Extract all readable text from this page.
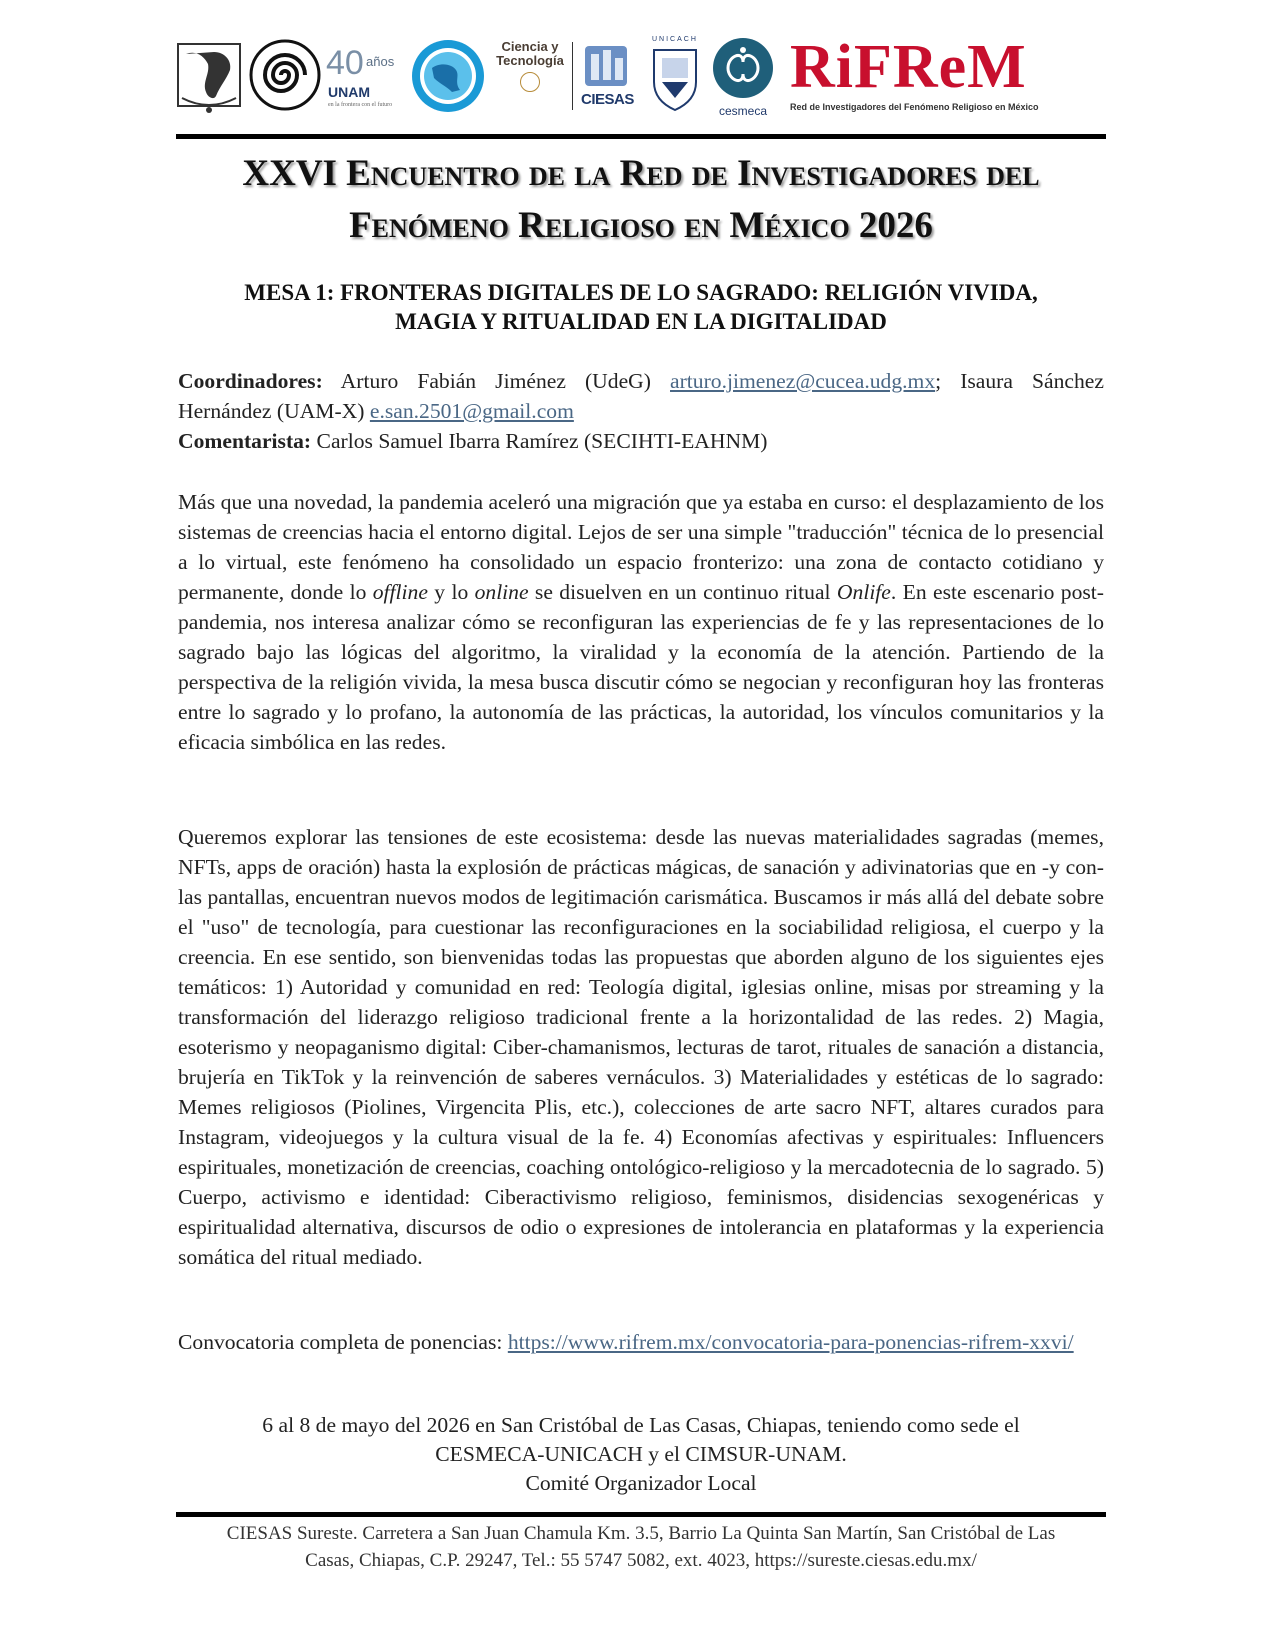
40 años
UNAM
en la frontera con el futuro
Ciencia y Tecnología
CIESAS
UNICACH
cesmeca
RiFReM
Red de Investigadores del Fenómeno Religioso en México
XXVI Encuentro de la Red de Investigadores del
Fenómeno Religioso en México 2026
MESA 1: FRONTERAS DIGITALES DE LO SAGRADO: RELIGIÓN VIVIDA,
MAGIA Y RITUALIDAD EN LA DIGITALIDAD
Coordinadores: Arturo Fabián Jiménez (UdeG) arturo.jimenez@cucea.udg.mx; Isaura Sánchez Hernández (UAM-X) e.san.2501@gmail.com
Comentarista: Carlos Samuel Ibarra Ramírez (SECIHTI-EAHNM)
Más que una novedad, la pandemia aceleró una migración que ya estaba en curso: el desplazamiento de los sistemas de creencias hacia el entorno digital. Lejos de ser una simple "traducción" técnica de lo presencial a lo virtual, este fenómeno ha consolidado un espacio fronterizo: una zona de contacto cotidiano y permanente, donde lo offline y lo online se disuelven en un continuo ritual Onlife. En este escenario post-pandemia, nos interesa analizar cómo se reconfiguran las experiencias de fe y las representaciones de lo sagrado bajo las lógicas del algoritmo, la viralidad y la economía de la atención. Partiendo de la perspectiva de la religión vivida, la mesa busca discutir cómo se negocian y reconfiguran hoy las fronteras entre lo sagrado y lo profano, la autonomía de las prácticas, la autoridad, los vínculos comunitarios y la eficacia simbólica en las redes.
Queremos explorar las tensiones de este ecosistema: desde las nuevas materialidades sagradas (memes, NFTs, apps de oración) hasta la explosión de prácticas mágicas, de sanación y adivinatorias que en -y con- las pantallas, encuentran nuevos modos de legitimación carismática. Buscamos ir más allá del debate sobre el "uso" de tecnología, para cuestionar las reconfiguraciones en la sociabilidad religiosa, el cuerpo y la creencia. En ese sentido, son bienvenidas todas las propuestas que aborden alguno de los siguientes ejes temáticos: 1) Autoridad y comunidad en red: Teología digital, iglesias online, misas por streaming y la transformación del liderazgo religioso tradicional frente a la horizontalidad de las redes. 2) Magia, esoterismo y neopaganismo digital: Ciber-chamanismos, lecturas de tarot, rituales de sanación a distancia, brujería en TikTok y la reinvención de saberes vernáculos. 3) Materialidades y estéticas de lo sagrado: Memes religiosos (Piolines, Virgencita Plis, etc.), colecciones de arte sacro NFT, altares curados para Instagram, videojuegos y la cultura visual de la fe. 4) Economías afectivas y espirituales: Influencers espirituales, monetización de creencias, coaching ontológico-religioso y la mercadotecnia de lo sagrado. 5) Cuerpo, activismo e identidad: Ciberactivismo religioso, feminismos, disidencias sexogenéricas y espiritualidad alternativa, discursos de odio o expresiones de intolerancia en plataformas y la experiencia somática del ritual mediado.
Convocatoria completa de ponencias: https://www.rifrem.mx/convocatoria-para-ponencias-rifrem-xxvi/
6 al 8 de mayo del 2026 en San Cristóbal de Las Casas, Chiapas, teniendo como sede el
CESMECA-UNICACH y el CIMSUR-UNAM.
Comité Organizador Local
CIESAS Sureste. Carretera a San Juan Chamula Km. 3.5, Barrio La Quinta San Martín, San Cristóbal de Las
Casas, Chiapas, C.P. 29247, Tel.: 55 5747 5082, ext. 4023, https://sureste.ciesas.edu.mx/
